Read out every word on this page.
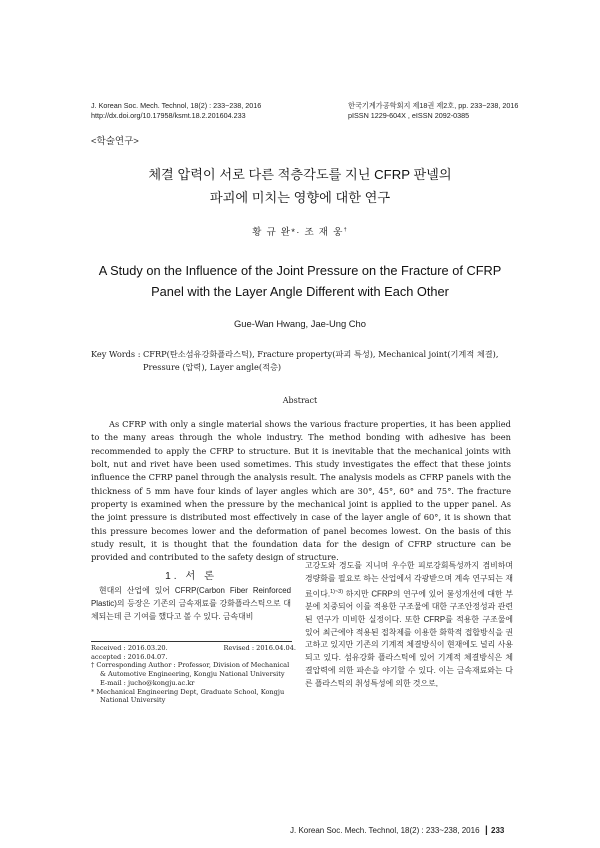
J. Korean Soc. Mech. Technol, 18(2) : 233~238, 2016
http://dx.doi.org/10.17958/ksmt.18.2.201604.233
한국기계가공학회지 제18권 제2호, pp. 233~238, 2016
pISSN 1229-604X , eISSN 2092-0385
<학술연구>
체결 압력이 서로 다른 적층각도를 지닌 CFRP 판넬의
파괴에 미치는 영향에 대한 연구
황 규 완*· 조 재 웅†
A Study on the Influence of the Joint Pressure on the Fracture of CFRP
Panel with the Layer Angle Different with Each Other
Gue-Wan Hwang, Jae-Ung Cho
Key Words : CFRP(탄소섬유강화플라스틱), Fracture property(파괴 특성), Mechanical joint(기계적 체결), Pressure (압력), Layer angle(적층)
Abstract

As CFRP with only a single material shows the various fracture properties, it has been applied to the many areas through the whole industry. The method bonding with adhesive has been recommended to apply the CFRP to structure. But it is inevitable that the mechanical joints with bolt, nut and rivet have been used sometimes. This study investigates the effect that these joints influence the CFRP panel through the analysis result. The analysis models as CFRP panels with the thickness of 5 mm have four kinds of layer angles which are 30°, 45°, 60° and 75°. The fracture property is examined when the pressure by the mechanical joint is applied to the upper panel. As the joint pressure is distributed most effectively in case of the layer angle of 60°, it is shown that this pressure becomes lower and the deformation of panel becomes lowest. On the basis of this study result, it is thought that the foundation data for the design of CFRP structure can be provided and contributed to the safety design of structure.

1. 서 론

현대의 산업에 있어 CFRP(Carbon Fiber Reinforced Plastic)의 등장은 기존의 금속재료를 강화플라스틱으로 대체되는데 큰 기여를 했다고 볼 수 있다. 금속대비

Received : 2016.03.20.	Revised : 2016.04.04.
accepted : 2016.04.07.
† Corresponding Author : Professor, Division of Mechanical
& Automotive Engineering, Kongju National University
E-mail : jucho@kongju.ac.kr
* Mechanical Engineering Dept, Graduate School, Kongju
National University

고강도와 경도를 지니며 우수한 피로강회특성까지 겸비하며 경량화를 필요로 하는 산업에서 각광받으며 계속 연구되는 재료이다.$^{1)\sim 3)}$ 하지만 CFRP의 연구에 있어 물성개선에 대한 부분에 치중되어 이를 적용한 구조물에 대한 구조안정성과 관련된 연구가 미비한 실정이다. 또한 CFRP를 적용한 구조물에 있어 최근에야 적용된 접착제를 이용한 화학적 접합방식을 권고하고 있지만 기존의 기계적 체결방식이 현재에도 널리 사용되고 있다. 섬유강화 플라스틱에 있어 기계적 체결방식은 체결압력에 의한 파손을 야기할 수 있다. 이는 금속재료와는 다른 플라스틱의 취성특성에 의한 것으로,

J. Korean Soc. Mech. Technol, 18(2) : 233~238, 2016  ┃ 233
